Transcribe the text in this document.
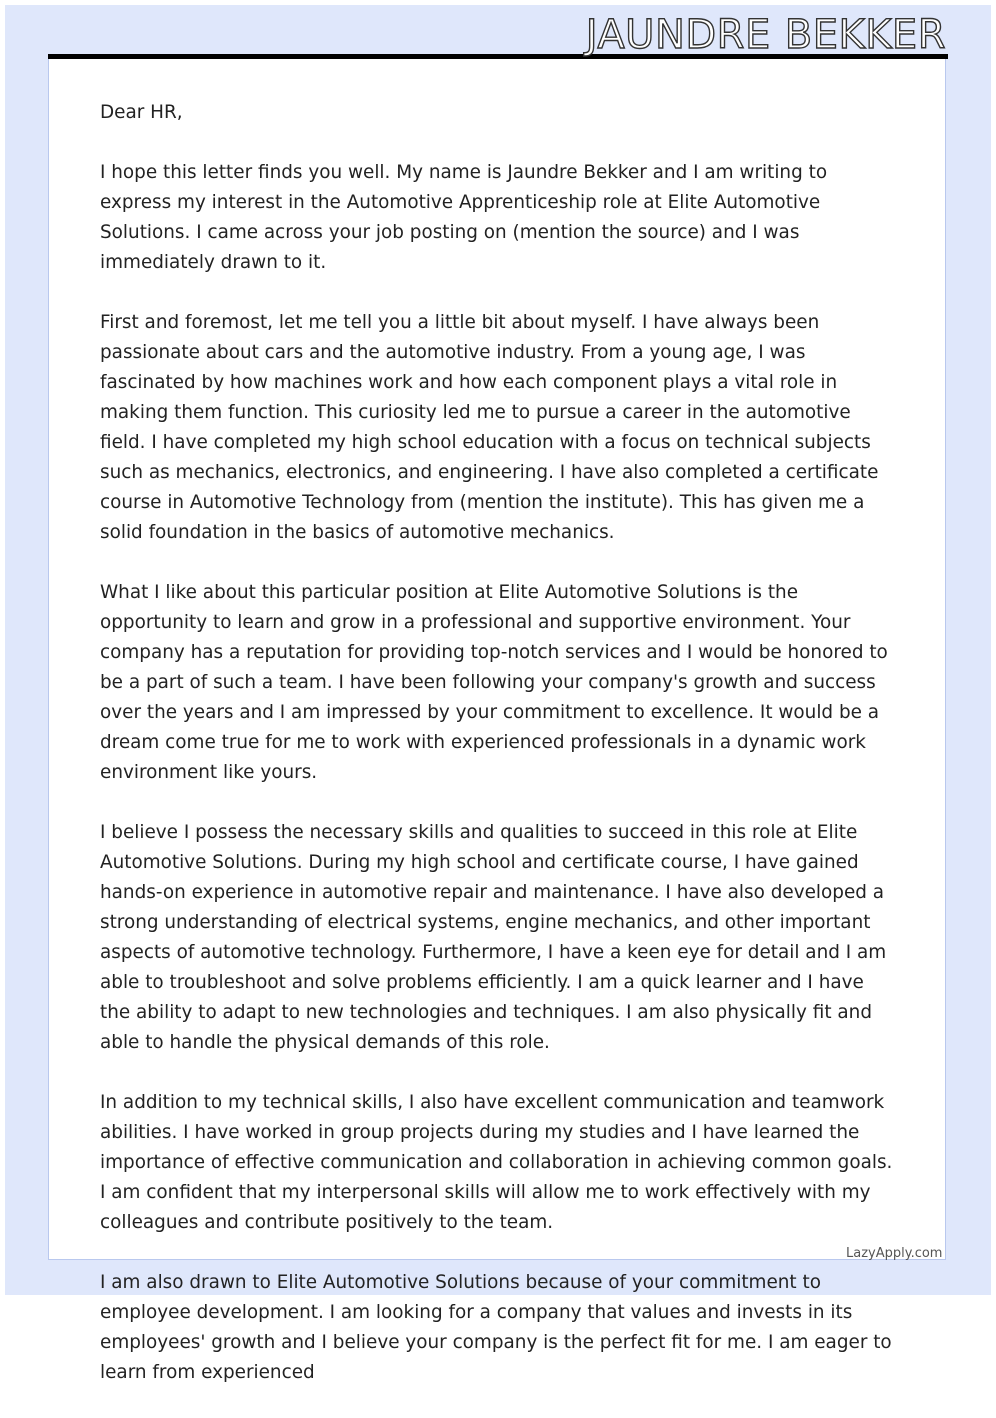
JAUNDRE BEKKER

Dear HR,

I hope this letter finds you well. My name is Jaundre Bekker and I am writing to express my interest in the Automotive Apprenticeship role at Elite Automotive Solutions. I came across your job posting on (mention the source) and I was immediately drawn to it.

First and foremost, let me tell you a little bit about myself. I have always been passionate about cars and the automotive industry. From a young age, I was fascinated by how machines work and how each component plays a vital role in making them function. This curiosity led me to pursue a career in the automotive field. I have completed my high school education with a focus on technical subjects such as mechanics, electronics, and engineering. I have also completed a certificate course in Automotive Technology from (mention the institute). This has given me a solid foundation in the basics of automotive mechanics.

What I like about this particular position at Elite Automotive Solutions is the opportunity to learn and grow in a professional and supportive environment. Your company has a reputation for providing top-notch services and I would be honored to be a part of such a team. I have been following your company's growth and success over the years and I am impressed by your commitment to excellence. It would be a dream come true for me to work with experienced professionals in a dynamic work environment like yours.

I believe I possess the necessary skills and qualities to succeed in this role at Elite Automotive Solutions. During my high school and certificate course, I have gained hands-on experience in automotive repair and maintenance. I have also developed a strong understanding of electrical systems, engine mechanics, and other important aspects of automotive technology. Furthermore, I have a keen eye for detail and I am able to troubleshoot and solve problems efficiently. I am a quick learner and I have the ability to adapt to new technologies and techniques. I am also physically fit and able to handle the physical demands of this role.

In addition to my technical skills, I also have excellent communication and teamwork abilities. I have worked in group projects during my studies and I have learned the importance of effective communication and collaboration in achieving common goals. I am confident that my interpersonal skills will allow me to work effectively with my colleagues and contribute positively to the team.

I am also drawn to Elite Automotive Solutions because of your commitment to employee development. I am looking for a company that values and invests in its employees' growth and I believe your company is the perfect fit for me. I am eager to learn from experienced

LazyApply.com
